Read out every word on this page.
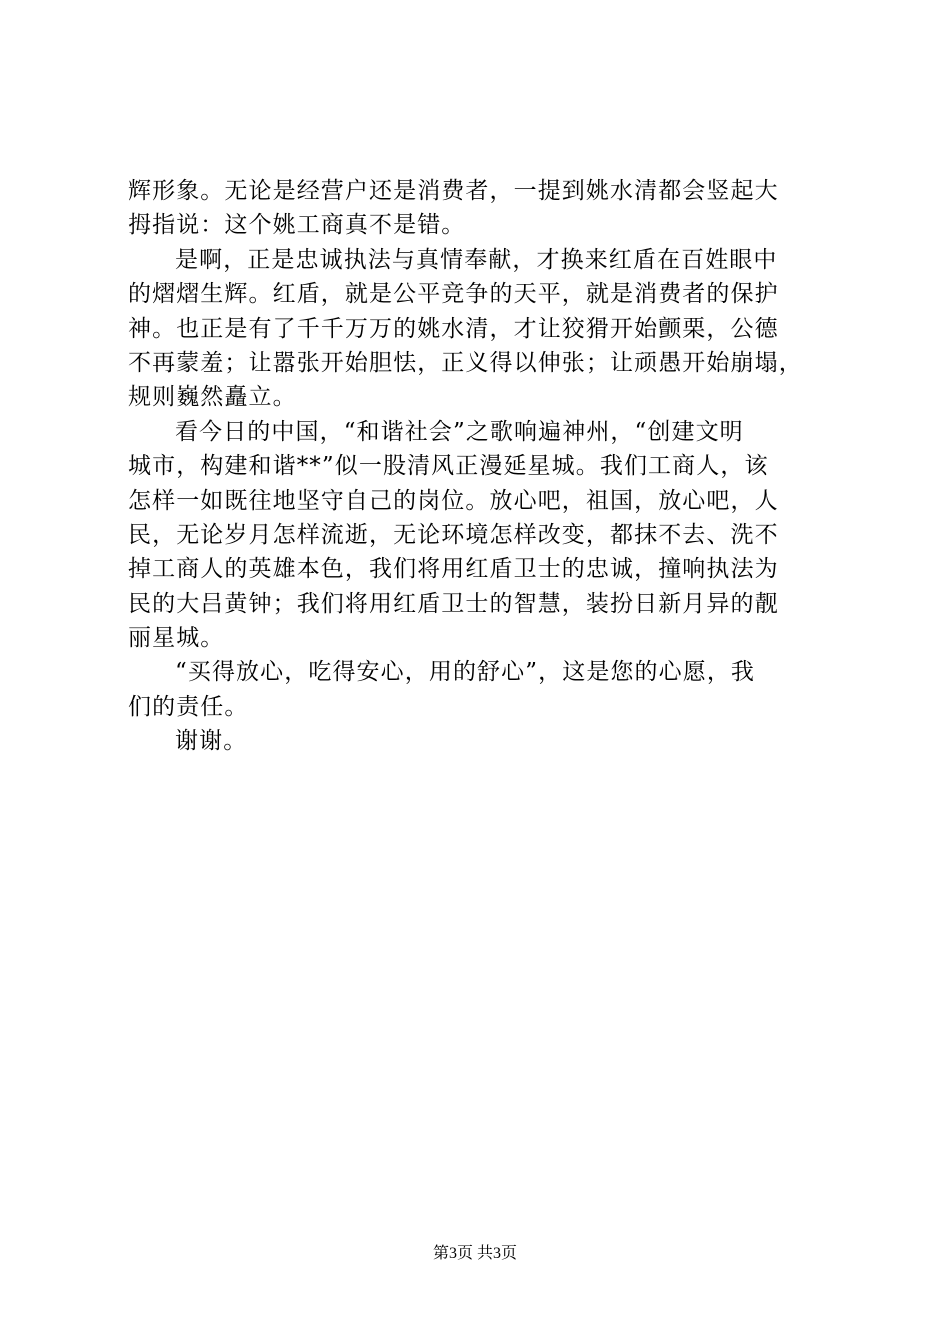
辉形象。无论是经营户还是消费者，一提到姚水清都会竖起大
拇指说：这个姚工商真不是错。
是啊，正是忠诚执法与真情奉献，才换来红盾在百姓眼中
的熠熠生辉。红盾，就是公平竞争的天平，就是消费者的保护
神。也正是有了千千万万的姚水清，才让狡猾开始颤栗，公德
不再蒙羞；让嚣张开始胆怯，正义得以伸张；让顽愚开始崩塌，
规则巍然矗立。
看今日的中国，“和谐社会”之歌响遍神州，“创建文明
城市，构建和谐**”似一股清风正漫延星城。我们工商人，该
怎样一如既往地坚守自己的岗位。放心吧，祖国，放心吧，人
民，无论岁月怎样流逝，无论环境怎样改变，都抹不去、洗不
掉工商人的英雄本色，我们将用红盾卫士的忠诚，撞响执法为
民的大吕黄钟；我们将用红盾卫士的智慧，装扮日新月异的靓
丽星城。
“买得放心，吃得安心，用的舒心”，这是您的心愿，我
们的责任。
谢谢。
第3页 共3页
